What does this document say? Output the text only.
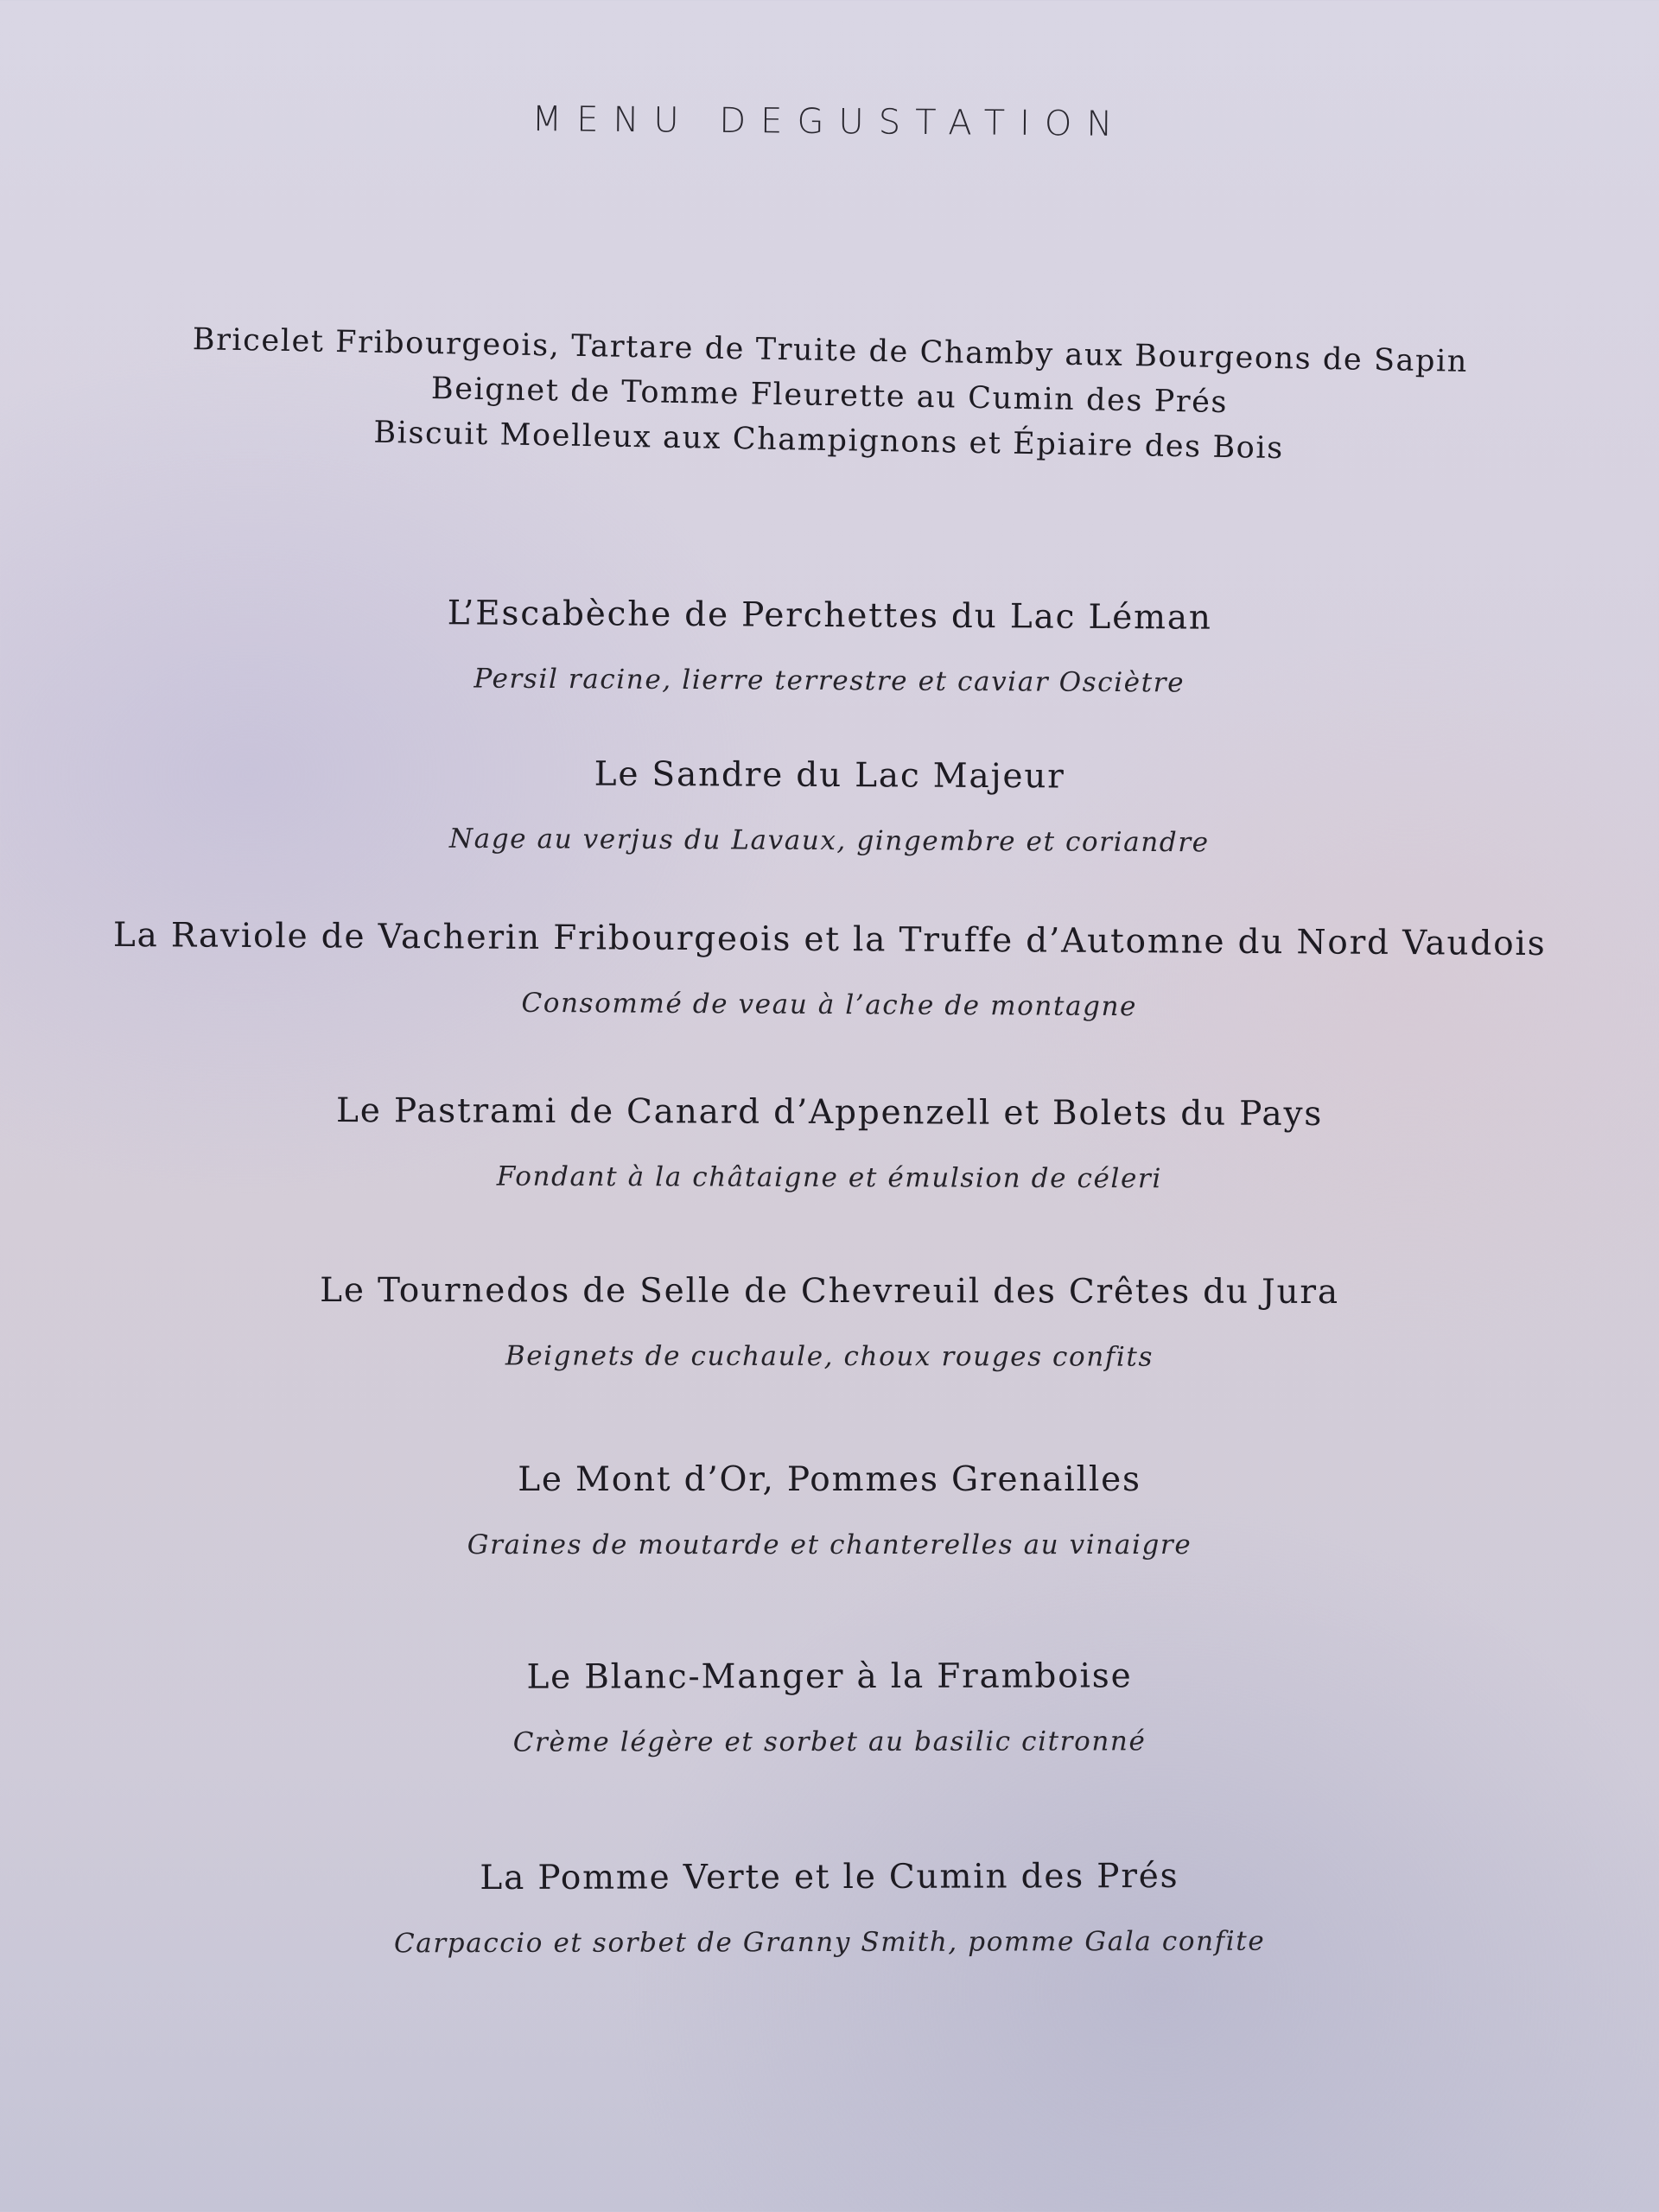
MENU DEGUSTATION
Bricelet Fribourgeois, Tartare de Truite de Chamby aux Bourgeons de Sapin
Beignet de Tomme Fleurette au Cumin des Prés
Biscuit Moelleux aux Champignons et Épiaire des Bois
L’Escabèche de Perchettes du Lac Léman
Persil racine, lierre terrestre et caviar Osciètre
Le Sandre du Lac Majeur
Nage au verjus du Lavaux, gingembre et coriandre
La Raviole de Vacherin Fribourgeois et la Truffe d’Automne du Nord Vaudois
Consommé de veau à l’ache de montagne
Le Pastrami de Canard d’Appenzell et Bolets du Pays
Fondant à la châtaigne et émulsion de céleri
Le Tournedos de Selle de Chevreuil des Crêtes du Jura
Beignets de cuchaule, choux rouges confits
Le Mont d’Or, Pommes Grenailles
Graines de moutarde et chanterelles au vinaigre
Le Blanc-Manger à la Framboise
Crème légère et sorbet au basilic citronné
La Pomme Verte et le Cumin des Prés
Carpaccio et sorbet de Granny Smith, pomme Gala confite
